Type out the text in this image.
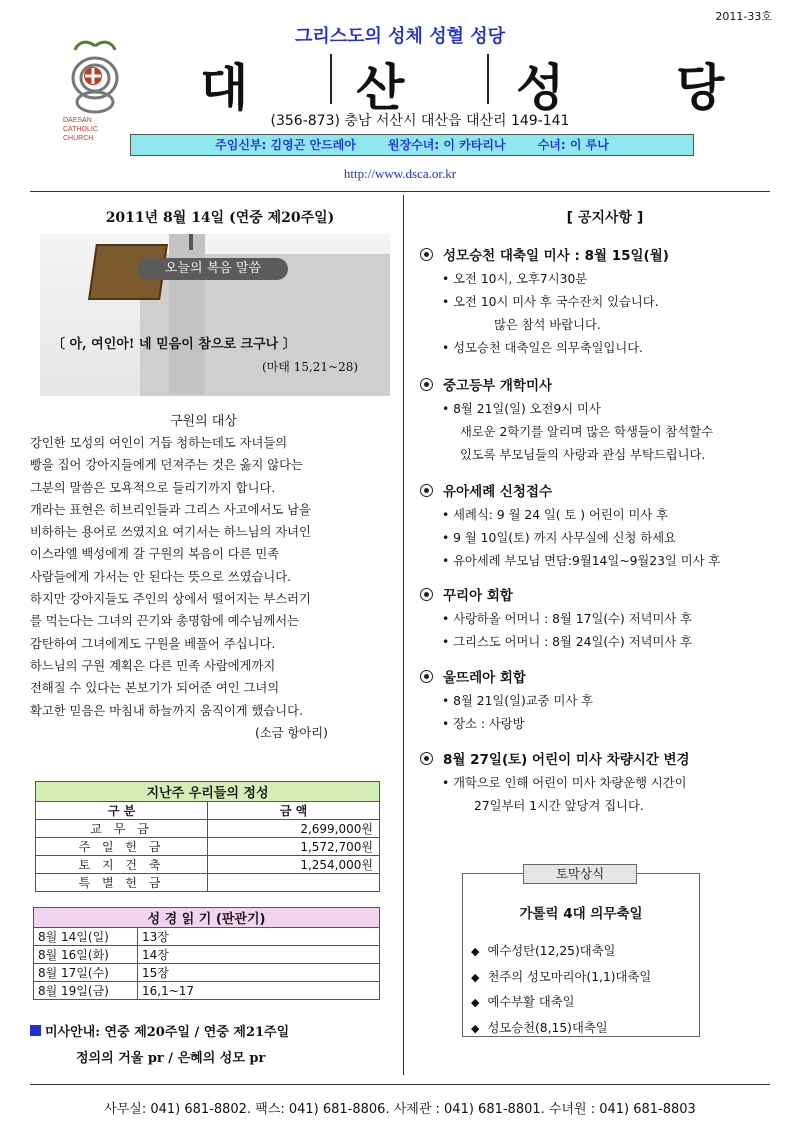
2011-33호
그리스도의 성체 성혈 성당
DAESAN
CATHOLIC
CHURCH
대 산 성 당
(356-873) 충남 서산시 대산읍 대산리 149-141
주임신부: 김영곤 안드레아	원장수녀: 이 카타리나	수녀: 이 루나
http://www.dsca.or.kr
2011년 8월 14일 (연중 제20주일)
오늘의 복음 말씀
〔 아, 여인아! 네 믿음이 참으로 크구나 〕
(마태 15,21~28)
구원의 대상

강인한 모성의 여인이 거듭 청하는데도 자녀들의

빵을 집어 강아지들에게 던져주는 것은 옳지 않다는

그분의 말씀은 모욕적으로 들리기까지 합니다.

개라는 표현은 히브리인들과 그리스 사고에서도 남을

비하하는 용어로 쓰였지요 여기서는 하느님의 자녀인

이스라엘 백성에게 갈 구원의 복음이 다른 민족

사람들에게 가서는 안 된다는 뜻으로 쓰였습니다.

하지만 강아지들도 주인의 상에서 떨어지는 부스러기

를 먹는다는 그녀의 끈기와 총명함에 예수님께서는

감탄하여 그녀에게도 구원을 베풀어 주십니다.

하느님의 구원 계획은 다른 민족 사람에게까지

전해질 수 있다는 본보기가 되어준 여인 그녀의

확고한 믿음은 마침내 하늘까지 움직이게 했습니다.

(소금 항아리)

지난주 우리들의 정성	
구 분	금 액
교 무 금	2,699,000원
주 일 헌 금	1,572,700원
토 지 건 축	1,254,000원
특 별 헌 금	
성 경 읽 기 (판관기)	
8월 14일(일)	13장
8월 16일(화)	14장
8월 17일(수)	15장
8월 19일(금)	16,1~17
미사안내: 연중 제20주일 / 연중 제21주일
정의의 거울 pr / 은혜의 성모 pr
[ 공지사항 ]
성모승천 대축일 미사 : 8월 15일(월)
• 오전 10시, 오후7시30분
• 오전 10시 미사 후 국수잔치 있습니다.
많은 참석 바랍니다.
• 성모승천 대축일은 의무축일입니다.
중고등부 개학미사
• 8월 21일(일) 오전9시 미사
새로운 2학기를 알리며 많은 학생들이 참석할수
있도록 부모님들의 사랑과 관심 부탁드립니다.
유아세례 신청접수
• 세례식: 9 월 24 일( 토 ) 어린이 미사 후
• 9 월 10일(토) 까지 사무실에 신청 하세요
• 유아세례 부모님 면담:9월14일~9월23일 미사 후
꾸리아 회합
• 사랑하올 어머니 : 8월 17일(수) 저녁미사 후
• 그리스도 어머니 : 8월 24일(수) 저녁미사 후
울뜨레아 회합
• 8월 21일(일)교중 미사 후
• 장소 : 사랑방
8월 27일(토) 어린이 미사 차량시간 변경
• 개학으로 인해 어린이 미사 차량운행 시간이
27일부터 1시간 앞당겨 집니다.
토막상식
가톨릭 4대 의무축일
◆ 예수성탄(12,25)대축일
◆ 천주의 성모마리아(1,1)대축일
◆ 예수부활 대축일
◆ 성모승천(8,15)대축일
사무실: 041) 681-8802. 팩스: 041) 681-8806. 사제관 : 041) 681-8801. 수녀원 : 041) 681-8803
